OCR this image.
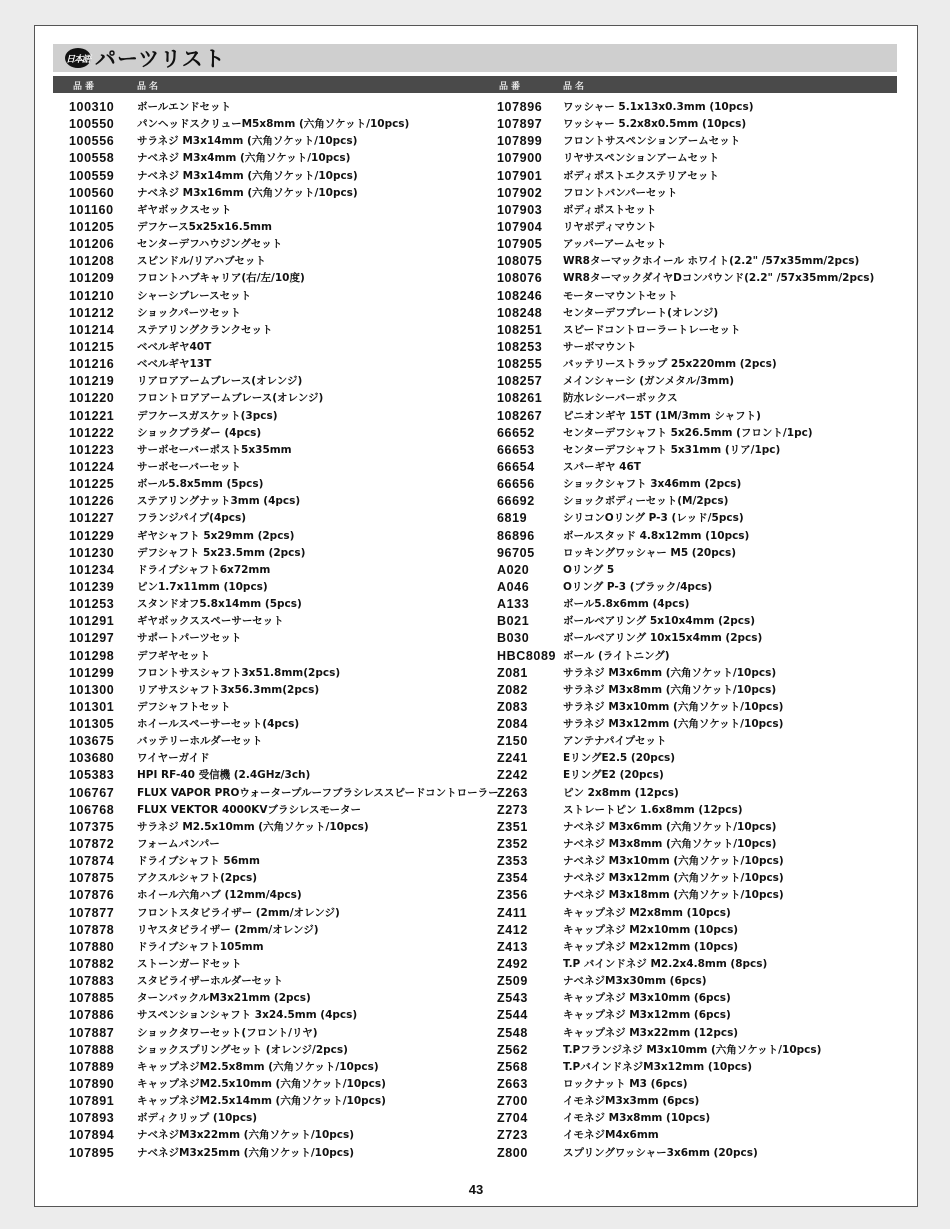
日本語 パーツリスト
品番	品名	品番	品名
100310	ボールエンドセット
100550	パンヘッドスクリューM5x8mm (六角ソケット/10pcs)
100556	サラネジ M3x14mm (六角ソケット/10pcs)
100558	ナベネジ M3x4mm (六角ソケット/10pcs)
100559	ナベネジ M3x14mm (六角ソケット/10pcs)
100560	ナベネジ M3x16mm (六角ソケット/10pcs)
101160	ギヤボックスセット
101205	デフケース5x25x16.5mm
101206	センターデフハウジングセット
101208	スピンドル/リアハブセット
101209	フロントハブキャリア(右/左/10度)
101210	シャーシブレースセット
101212	ショックパーツセット
101214	ステアリングクランクセット
101215	ベベルギヤ40T
101216	ベベルギヤ13T
101219	リアロアアームブレース(オレンジ)
101220	フロントロアアームブレース(オレンジ)
101221	デフケースガスケット(3pcs)
101222	ショックブラダー (4pcs)
101223	サーボセーバーポスト5x35mm
101224	サーボセーバーセット
101225	ボール5.8x5mm (5pcs)
101226	ステアリングナット3mm (4pcs)
101227	フランジパイプ(4pcs)
101229	ギヤシャフト 5x29mm (2pcs)
101230	デフシャフト 5x23.5mm (2pcs)
101234	ドライブシャフト6x72mm
101239	ピン1.7x11mm (10pcs)
101253	スタンドオフ5.8x14mm (5pcs)
101291	ギヤボックススペーサーセット
101297	サポートパーツセット
101298	デフギヤセット
101299	フロントサスシャフト3x51.8mm(2pcs)
101300	リアサスシャフト3x56.3mm(2pcs)
101301	デフシャフトセット
101305	ホイールスペーサーセット(4pcs)
103675	バッテリーホルダーセット
103680	ワイヤーガイド
105383	HPI RF-40 受信機 (2.4GHz/3ch)
106767	FLUX VAPOR PROウォータープルーフブラシレススピードコントローラー
106768	FLUX VEKTOR 4000KVブラシレスモーター
107375	サラネジ M2.5x10mm (六角ソケット/10pcs)
107872	フォームバンパー
107874	ドライブシャフト 56mm
107875	アクスルシャフト(2pcs)
107876	ホイール六角ハブ (12mm/4pcs)
107877	フロントスタビライザー (2mm/オレンジ)
107878	リヤスタビライザー (2mm/オレンジ)
107880	ドライブシャフト105mm
107882	ストーンガードセット
107883	スタビライザーホルダーセット
107885	ターンバックルM3x21mm (2pcs)
107886	サスペンションシャフト 3x24.5mm (4pcs)
107887	ショックタワーセット(フロント/リヤ)
107888	ショックスプリングセット (オレンジ/2pcs)
107889	キャップネジM2.5x8mm (六角ソケット/10pcs)
107890	キャップネジM2.5x10mm (六角ソケット/10pcs)
107891	キャップネジM2.5x14mm (六角ソケット/10pcs)
107893	ボディクリップ (10pcs)
107894	ナベネジM3x22mm (六角ソケット/10pcs)
107895	ナベネジM3x25mm (六角ソケット/10pcs)
107896	ワッシャー 5.1x13x0.3mm (10pcs)
107897	ワッシャー 5.2x8x0.5mm (10pcs)
107899	フロントサスペンションアームセット
107900	リヤサスペンションアームセット
107901	ボディポストエクステリアセット
107902	フロントバンパーセット
107903	ボディポストセット
107904	リヤボディマウント
107905	アッパーアームセット
108075	WR8ターマックホイール ホワイト(2.2" /57x35mm/2pcs)
108076	WR8ターマックダイヤDコンパウンド(2.2" /57x35mm/2pcs)
108246	モーターマウントセット
108248	センターデフプレート(オレンジ)
108251	スピードコントローラートレーセット
108253	サーボマウント
108255	バッテリーストラップ 25x220mm (2pcs)
108257	メインシャーシ (ガンメタル/3mm)
108261	防水レシーバーボックス
108267	ピニオンギヤ 15T (1M/3mm シャフト)
66652	センターデフシャフト 5x26.5mm (フロント/1pc)
66653	センターデフシャフト 5x31mm (リア/1pc)
66654	スパーギヤ 46T
66656	ショックシャフト 3x46mm (2pcs)
66692	ショックボディーセット(M/2pcs)
6819	シリコンOリング P-3 (レッド/5pcs)
86896	ボールスタッド 4.8x12mm (10pcs)
96705	ロッキングワッシャー M5 (20pcs)
A020	Oリング 5
A046	Oリング P-3 (ブラック/4pcs)
A133	ボール5.8x6mm (4pcs)
B021	ボールベアリング 5x10x4mm (2pcs)
B030	ボールベアリング 10x15x4mm (2pcs)
HBC8089 ボール (ライトニング)
Z081	サラネジ M3x6mm (六角ソケット/10pcs)
Z082	サラネジ M3x8mm (六角ソケット/10pcs)
Z083	サラネジ M3x10mm (六角ソケット/10pcs)
Z084	サラネジ M3x12mm (六角ソケット/10pcs)
Z150	アンテナパイプセット
Z241	EリングE2.5 (20pcs)
Z242	EリングE2 (20pcs)
Z263	ピン 2x8mm (12pcs)
Z273	ストレートピン 1.6x8mm (12pcs)
Z351	ナベネジ M3x6mm (六角ソケット/10pcs)
Z352	ナベネジ M3x8mm (六角ソケット/10pcs)
Z353	ナベネジ M3x10mm (六角ソケット/10pcs)
Z354	ナベネジ M3x12mm (六角ソケット/10pcs)
Z356	ナベネジ M3x18mm (六角ソケット/10pcs)
Z411	キャップネジ M2x8mm (10pcs)
Z412	キャップネジ M2x10mm (10pcs)
Z413	キャップネジ M2x12mm (10pcs)
Z492	T.P バインドネジ M2.2x4.8mm (8pcs)
Z509	ナベネジM3x30mm (6pcs)
Z543	キャップネジ M3x10mm (6pcs)
Z544	キャップネジ M3x12mm (6pcs)
Z548	キャップネジ M3x22mm (12pcs)
Z562	T.Pフランジネジ M3x10mm (六角ソケット/10pcs)
Z568	T.PバインドネジM3x12mm (10pcs)
Z663	ロックナット M3 (6pcs)
Z700	イモネジM3x3mm (6pcs)
Z704	イモネジ M3x8mm (10pcs)
Z723	イモネジM4x6mm
Z800	スプリングワッシャー3x6mm (20pcs)
43
